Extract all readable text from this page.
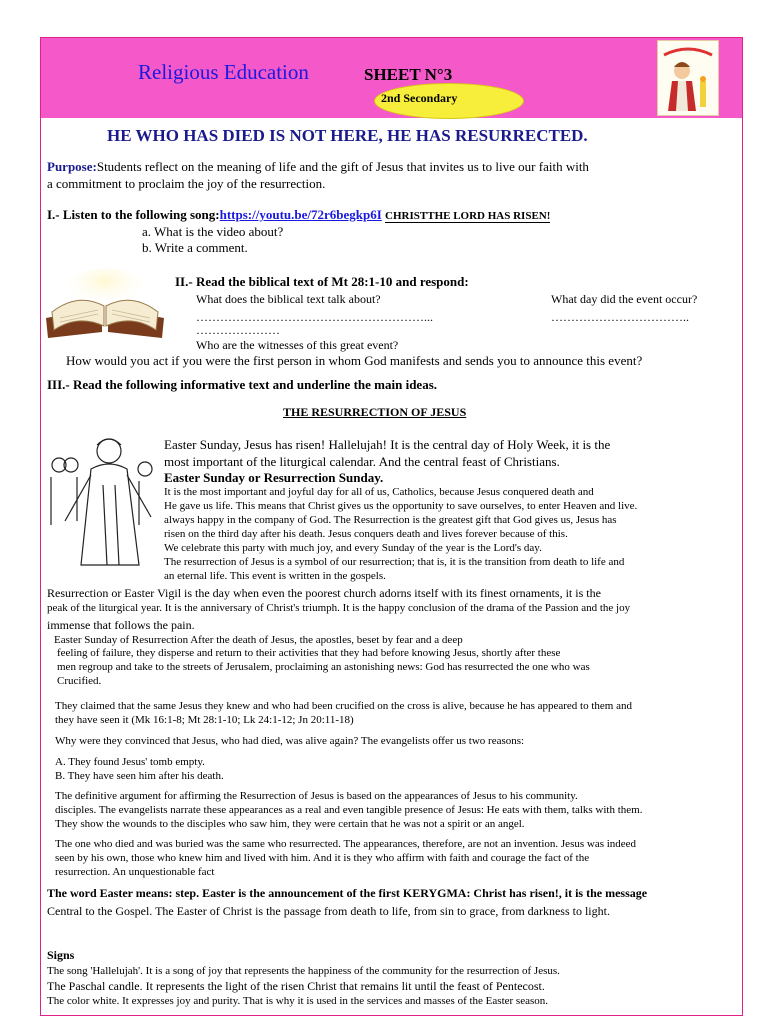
Religious Education	SHEET N°3
2nd Secondary
HE WHO HAS DIED IS NOT HERE, HE HAS RESURRECTED.
Purpose:Students reflect on the meaning of life and the gift of Jesus that invites us to live our faith with
a commitment to proclaim the joy of the resurrection.
I.- Listen to the following song:https://youtu.be/72r6begkp6I CHRISTTHE LORD HAS RISEN!
a. What is the video about?
b. Write a comment.
II.- Read the biblical text of Mt 28:1-10 and respond:
What does the biblical text talk about?	What day did the event occur?
…………………………………………………...	……………………………..
…………………
Who are the witnesses of this great event?
How would you act if you were the first person in whom God manifests and sends you to announce this event?
III.- Read the following informative text and underline the main ideas.
THE RESURRECTION OF JESUS
Easter Sunday, Jesus has risen! Hallelujah! It is the central day of Holy Week, it is the
most important of the liturgical calendar. And the central feast of Christians.
Easter Sunday or Resurrection Sunday.
It is the most important and joyful day for all of us, Catholics, because Jesus conquered death and
He gave us life. This means that Christ gives us the opportunity to save ourselves, to enter Heaven and live.
always happy in the company of God. The Resurrection is the greatest gift that God gives us, Jesus has
risen on the third day after his death. Jesus conquers death and lives forever because of this.
We celebrate this party with much joy, and every Sunday of the year is the Lord's day.
The resurrection of Jesus is a symbol of our resurrection; that is, it is the transition from death to life and
an eternal life. This event is written in the gospels.
Resurrection or Easter Vigil is the day when even the poorest church adorns itself with its finest ornaments, it is the
peak of the liturgical year. It is the anniversary of Christ's triumph. It is the happy conclusion of the drama of the Passion and the joy
immense that follows the pain.
Easter Sunday of Resurrection After the death of Jesus, the apostles, beset by fear and a deep
feeling of failure, they disperse and return to their activities that they had before knowing Jesus, shortly after these
men regroup and take to the streets of Jerusalem, proclaiming an astonishing news: God has resurrected the one who was
Crucified.
They claimed that the same Jesus they knew and who had been crucified on the cross is alive, because he has appeared to them and
they have seen it (Mk 16:1-8; Mt 28:1-10; Lk 24:1-12; Jn 20:11-18)
Why were they convinced that Jesus, who had died, was alive again? The evangelists offer us two reasons:
A. They found Jesus' tomb empty.
B. They have seen him after his death.
The definitive argument for affirming the Resurrection of Jesus is based on the appearances of Jesus to his community.
disciples. The evangelists narrate these appearances as a real and even tangible presence of Jesus: He eats with them, talks with them.
They show the wounds to the disciples who saw him, they were certain that he was not a spirit or an angel.
The one who died and was buried was the same who resurrected. The appearances, therefore, are not an invention. Jesus was indeed
seen by his own, those who knew him and lived with him. And it is they who affirm with faith and courage the fact of the
resurrection. An unquestionable fact
The word Easter means: step. Easter is the announcement of the first KERYGMA: Christ has risen!, it is the message
Central to the Gospel. The Easter of Christ is the passage from death to life, from sin to grace, from darkness to light.
Signs
The song 'Hallelujah'. It is a song of joy that represents the happiness of the community for the resurrection of Jesus.
The Paschal candle. It represents the light of the risen Christ that remains lit until the feast of Pentecost.
The color white. It expresses joy and purity. That is why it is used in the services and masses of the Easter season.
